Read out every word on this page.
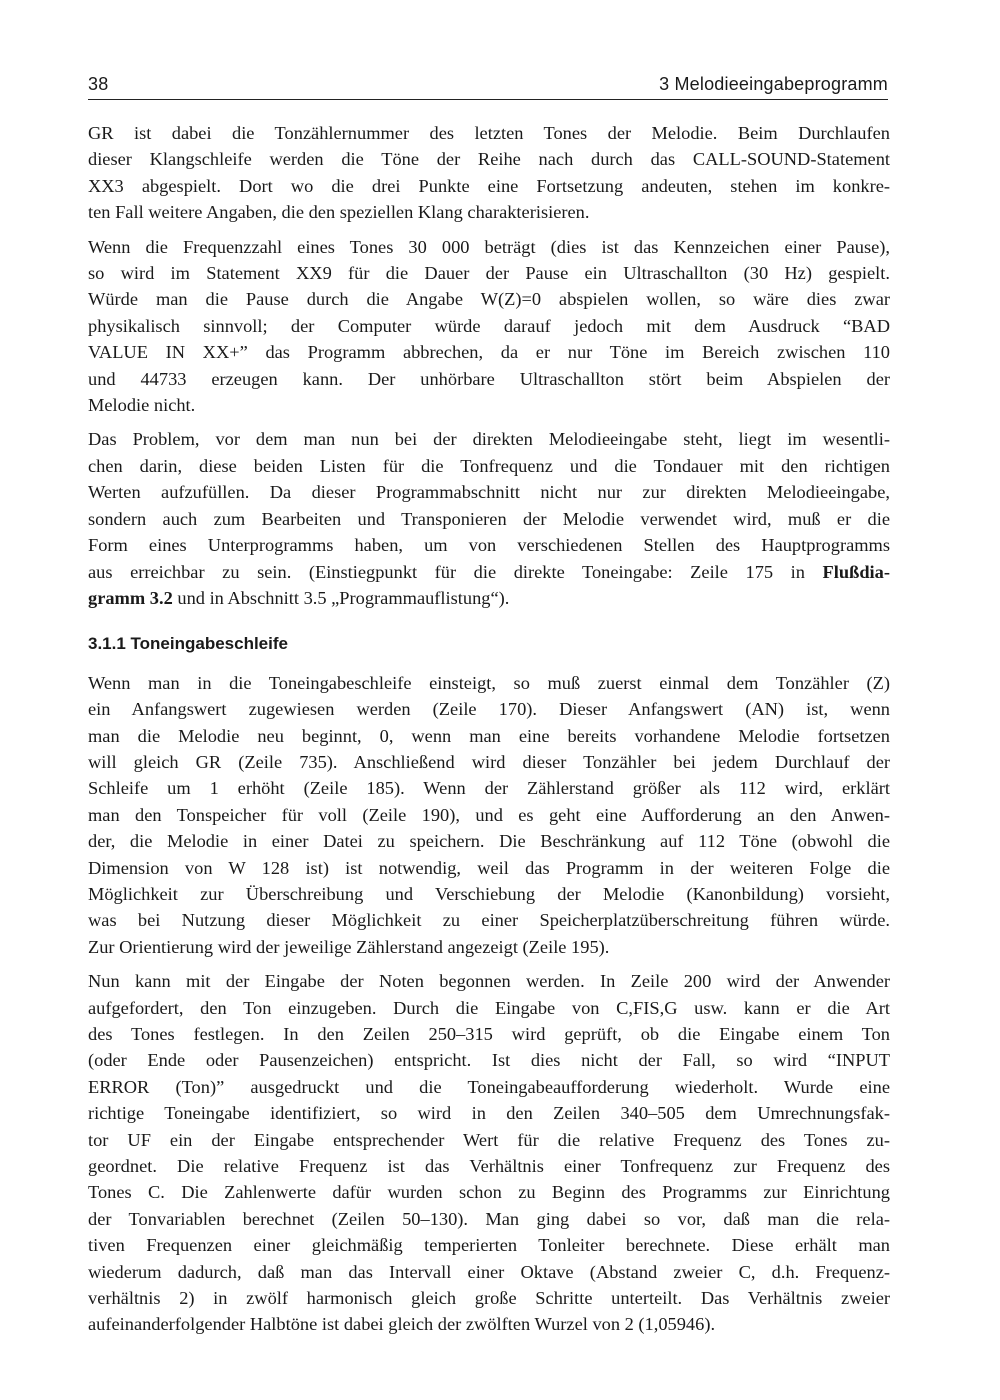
38	3 Melodieeingabeprogramm

GR ist dabei die Tonzählernummer des letzten Tones der Melodie. Beim Durchlaufen
dieser Klangschleife werden die Töne der Reihe nach durch das CALL-SOUND-Statement
XX3 abgespielt. Dort wo die drei Punkte eine Fortsetzung andeuten, stehen im konkre-
ten Fall weitere Angaben, die den speziellen Klang charakterisieren.

Wenn die Frequenzzahl eines Tones 30 000 beträgt (dies ist das Kennzeichen einer Pause),
so wird im Statement XX9 für die Dauer der Pause ein Ultraschallton (30 Hz) gespielt.
Würde man die Pause durch die Angabe W(Z)=0 abspielen wollen, so wäre dies zwar
physikalisch sinnvoll; der Computer würde darauf jedoch mit dem Ausdruck “BAD
VALUE IN XX+” das Programm abbrechen, da er nur Töne im Bereich zwischen 110
und 44733 erzeugen kann. Der unhörbare Ultraschallton stört beim Abspielen der
Melodie nicht.

Das Problem, vor dem man nun bei der direkten Melodieeingabe steht, liegt im wesentli-
chen darin, diese beiden Listen für die Tonfrequenz und die Tondauer mit den richtigen
Werten aufzufüllen. Da dieser Programmabschnitt nicht nur zur direkten Melodieeingabe,
sondern auch zum Bearbeiten und Transponieren der Melodie verwendet wird, muß er die
Form eines Unterprogramms haben, um von verschiedenen Stellen des Hauptprogramms
aus erreichbar zu sein. (Einstiegpunkt für die direkte Toneingabe: Zeile 175 in Flußdia-
gramm 3.2 und in Abschnitt 3.5 „Programmauflistung“).

3.1.1 Toneingabeschleife

Wenn man in die Toneingabeschleife einsteigt, so muß zuerst einmal dem Tonzähler (Z)
ein Anfangswert zugewiesen werden (Zeile 170). Dieser Anfangswert (AN) ist, wenn
man die Melodie neu beginnt, 0, wenn man eine bereits vorhandene Melodie fortsetzen
will gleich GR (Zeile 735). Anschließend wird dieser Tonzähler bei jedem Durchlauf der
Schleife um 1 erhöht (Zeile 185). Wenn der Zählerstand größer als 112 wird, erklärt
man den Tonspeicher für voll (Zeile 190), und es geht eine Aufforderung an den Anwen-
der, die Melodie in einer Datei zu speichern. Die Beschränkung auf 112 Töne (obwohl die
Dimension von W 128 ist) ist notwendig, weil das Programm in der weiteren Folge die
Möglichkeit zur Überschreibung und Verschiebung der Melodie (Kanonbildung) vorsieht,
was bei Nutzung dieser Möglichkeit zu einer Speicherplatzüberschreitung führen würde.
Zur Orientierung wird der jeweilige Zählerstand angezeigt (Zeile 195).

Nun kann mit der Eingabe der Noten begonnen werden. In Zeile 200 wird der Anwender
aufgefordert, den Ton einzugeben. Durch die Eingabe von C,FIS,G usw. kann er die Art
des Tones festlegen. In den Zeilen 250–315 wird geprüft, ob die Eingabe einem Ton
(oder Ende oder Pausenzeichen) entspricht. Ist dies nicht der Fall, so wird “INPUT
ERROR (Ton)” ausgedruckt und die Toneingabeaufforderung wiederholt. Wurde eine
richtige Toneingabe identifiziert, so wird in den Zeilen 340–505 dem Umrechnungsfak-
tor UF ein der Eingabe entsprechender Wert für die relative Frequenz des Tones zu-
geordnet. Die relative Frequenz ist das Verhältnis einer Tonfrequenz zur Frequenz des
Tones C. Die Zahlenwerte dafür wurden schon zu Beginn des Programms zur Einrichtung
der Tonvariablen berechnet (Zeilen 50–130). Man ging dabei so vor, daß man die rela-
tiven Frequenzen einer gleichmäßig temperierten Tonleiter berechnete. Diese erhält man
wiederum dadurch, daß man das Intervall einer Oktave (Abstand zweier C, d.h. Frequenz-
verhältnis 2) in zwölf harmonisch gleich große Schritte unterteilt. Das Verhältnis zweier
aufeinanderfolgender Halbtöne ist dabei gleich der zwölften Wurzel von 2 (1,05946).
